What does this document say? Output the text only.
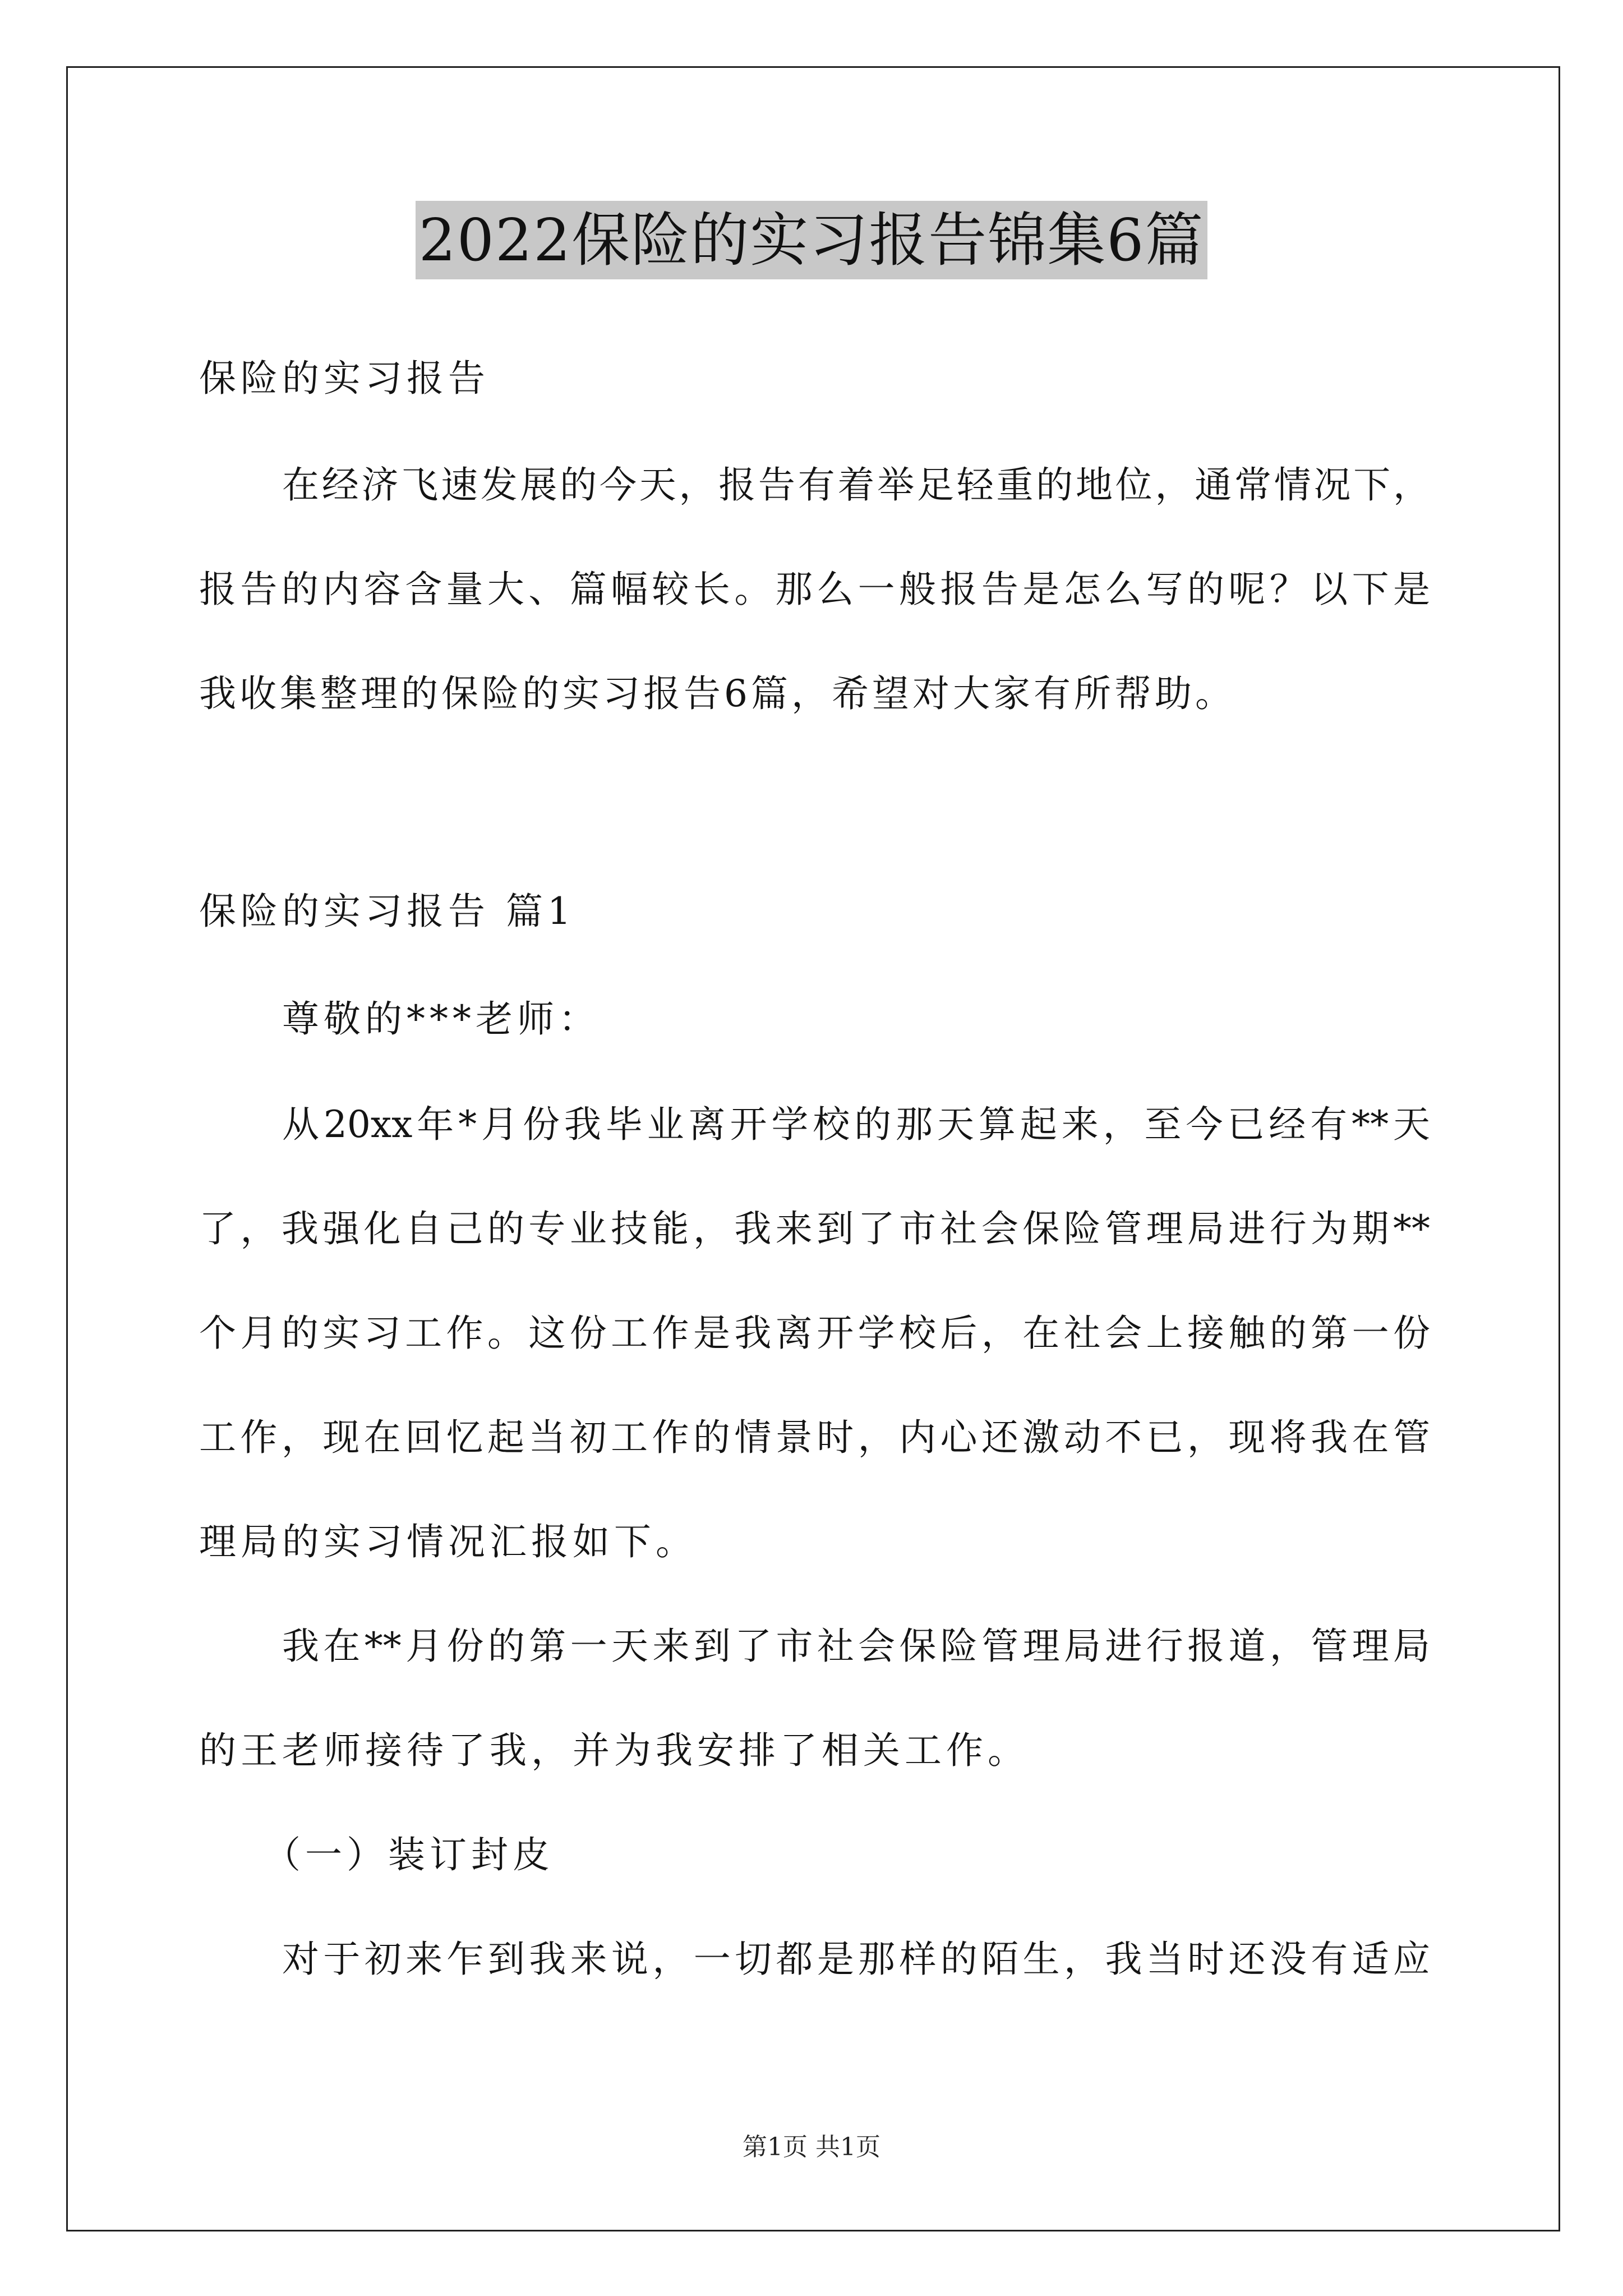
2022保险的实习报告锦集6篇
保险的实习报告
在经济飞速发展的今天，报告有着举足轻重的地位，通常情况下，
报告的内容含量大、篇幅较长。那么一般报告是怎么写的呢？以下是
我收集整理的保险的实习报告6篇，希望对大家有所帮助。
保险的实习报告 篇1
尊敬的***老师：
从20xx年*月份我毕业离开学校的那天算起来，至今已经有**天
了，我强化自己的专业技能，我来到了市社会保险管理局进行为期**
个月的实习工作。这份工作是我离开学校后，在社会上接触的第一份
工作，现在回忆起当初工作的情景时，内心还激动不已，现将我在管
理局的实习情况汇报如下。
我在**月份的第一天来到了市社会保险管理局进行报道，管理局
的王老师接待了我，并为我安排了相关工作。
（一）装订封皮
对于初来乍到我来说，一切都是那样的陌生，我当时还没有适应
第1页 共1页
